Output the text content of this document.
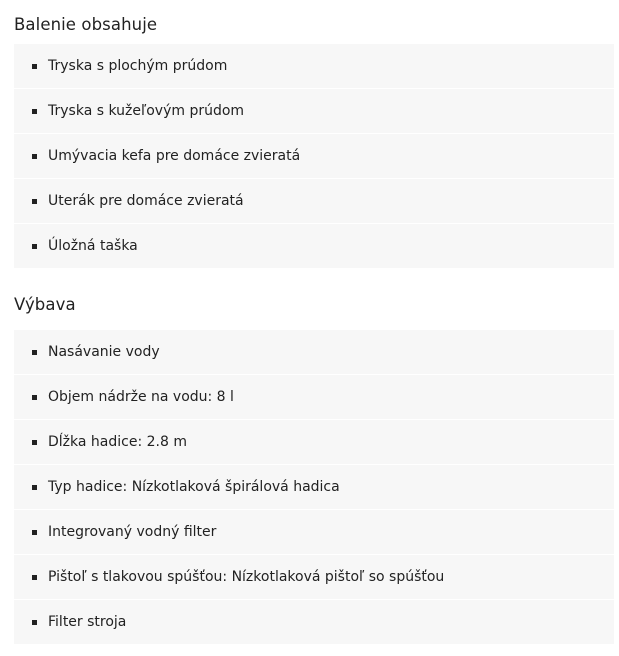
Balenie obsahuje
Tryska s plochým prúdom
Tryska s kužeľovým prúdom
Umývacia kefa pre domáce zvieratá
Uterák pre domáce zvieratá
Úložná taška
Výbava
Nasávanie vody
Objem nádrže na vodu: 8 l
Dĺžka hadice: 2.8 m
Typ hadice: Nízkotlaková špirálová hadica
Integrovaný vodný filter
Pištoľ s tlakovou spúšťou: Nízkotlaková pištoľ so spúšťou
Filter stroja
